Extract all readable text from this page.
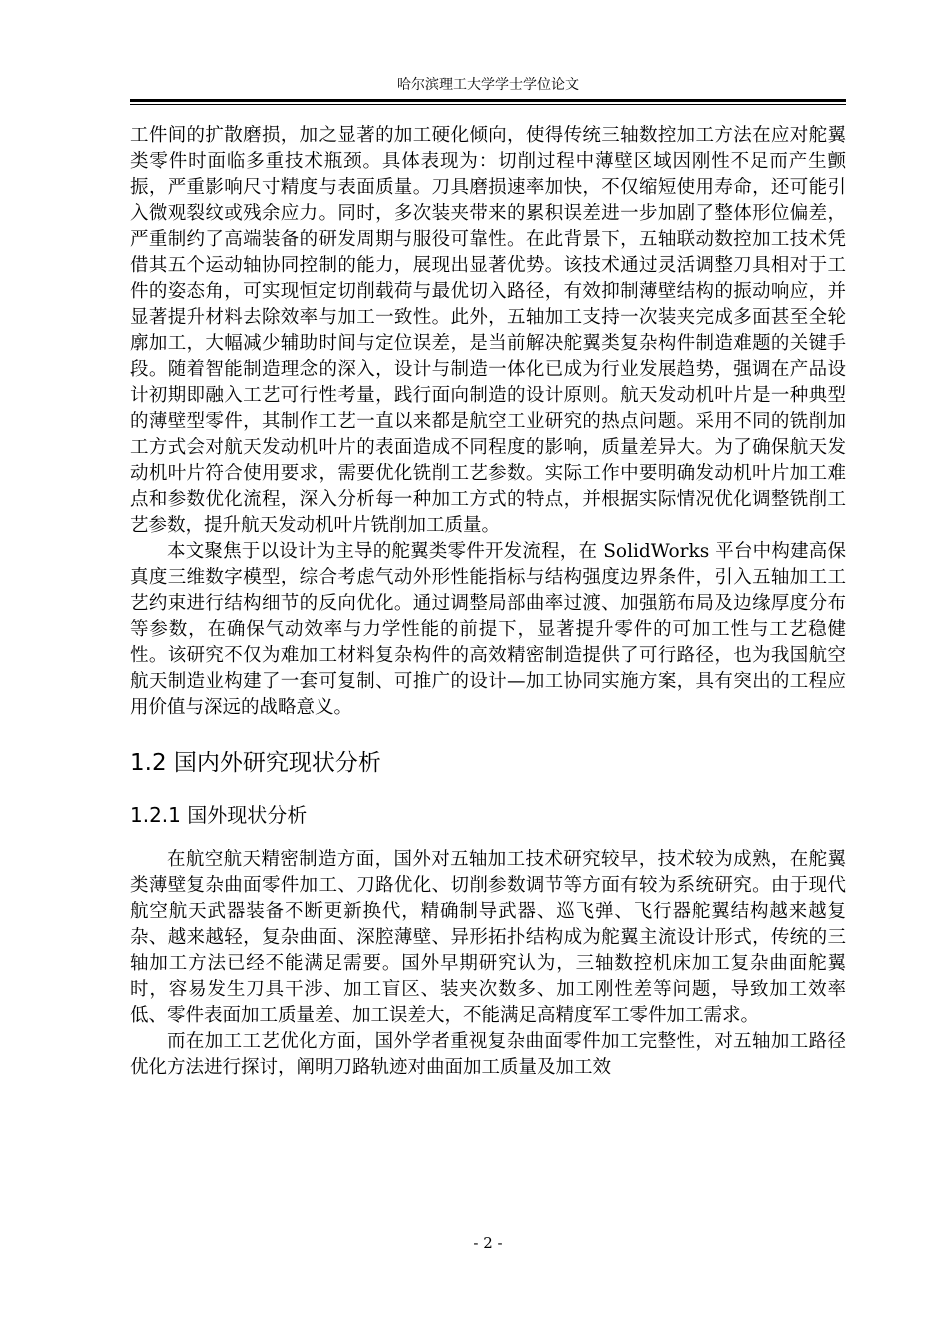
哈尔滨理工大学学士学位论文

工件间的扩散磨损，加之显著的加工硬化倾向，使得传统三轴数控加工方法在应对舵翼类零件时面临多重技术瓶颈。具体表现为：切削过程中薄壁区域因刚性不足而产生颤振，严重影响尺寸精度与表面质量。刀具磨损速率加快，不仅缩短使用寿命，还可能引入微观裂纹或残余应力。同时，多次装夹带来的累积误差进一步加剧了整体形位偏差，严重制约了高端装备的研发周期与服役可靠性。在此背景下，五轴联动数控加工技术凭借其五个运动轴协同控制的能力，展现出显著优势。该技术通过灵活调整刀具相对于工件的姿态角，可实现恒定切削载荷与最优切入路径，有效抑制薄壁结构的振动响应，并显著提升材料去除效率与加工一致性。此外，五轴加工支持一次装夹完成多面甚至全轮廓加工，大幅减少辅助时间与定位误差，是当前解决舵翼类复杂构件制造难题的关键手段。随着智能制造理念的深入，设计与制造一体化已成为行业发展趋势，强调在产品设计初期即融入工艺可行性考量，践行面向制造的设计原则。航天发动机叶片是一种典型的薄壁型零件，其制作工艺一直以来都是航空工业研究的热点问题。采用不同的铣削加工方式会对航天发动机叶片的表面造成不同程度的影响，质量差异大。为了确保航天发动机叶片符合使用要求，需要优化铣削工艺参数。实际工作中要明确发动机叶片加工难点和参数优化流程，深入分析每一种加工方式的特点，并根据实际情况优化调整铣削工艺参数，提升航天发动机叶片铣削加工质量。

本文聚焦于以设计为主导的舵翼类零件开发流程，在 SolidWorks 平台中构建高保真度三维数字模型，综合考虑气动外形性能指标与结构强度边界条件，引入五轴加工工艺约束进行结构细节的反向优化。通过调整局部曲率过渡、加强筋布局及边缘厚度分布等参数，在确保气动效率与力学性能的前提下，显著提升零件的可加工性与工艺稳健性。该研究不仅为难加工材料复杂构件的高效精密制造提供了可行路径，也为我国航空航天制造业构建了一套可复制、可推广的设计—加工协同实施方案，具有突出的工程应用价值与深远的战略意义。

1.2 国内外研究现状分析
1.2.1 国外现状分析

在航空航天精密制造方面，国外对五轴加工技术研究较早，技术较为成熟，在舵翼类薄壁复杂曲面零件加工、刀路优化、切削参数调节等方面有较为系统研究。由于现代航空航天武器装备不断更新换代，精确制导武器、巡飞弹、飞行器舵翼结构越来越复杂、越来越轻，复杂曲面、深腔薄壁、异形拓扑结构成为舵翼主流设计形式，传统的三轴加工方法已经不能满足需要。国外早期研究认为，三轴数控机床加工复杂曲面舵翼时，容易发生刀具干涉、加工盲区、装夹次数多、加工刚性差等问题，导致加工效率低、零件表面加工质量差、加工误差大，不能满足高精度军工零件加工需求。

而在加工工艺优化方面，国外学者重视复杂曲面零件加工完整性，对五轴加工路径优化方法进行探讨，阐明刀路轨迹对曲面加工质量及加工效

- 2 -
